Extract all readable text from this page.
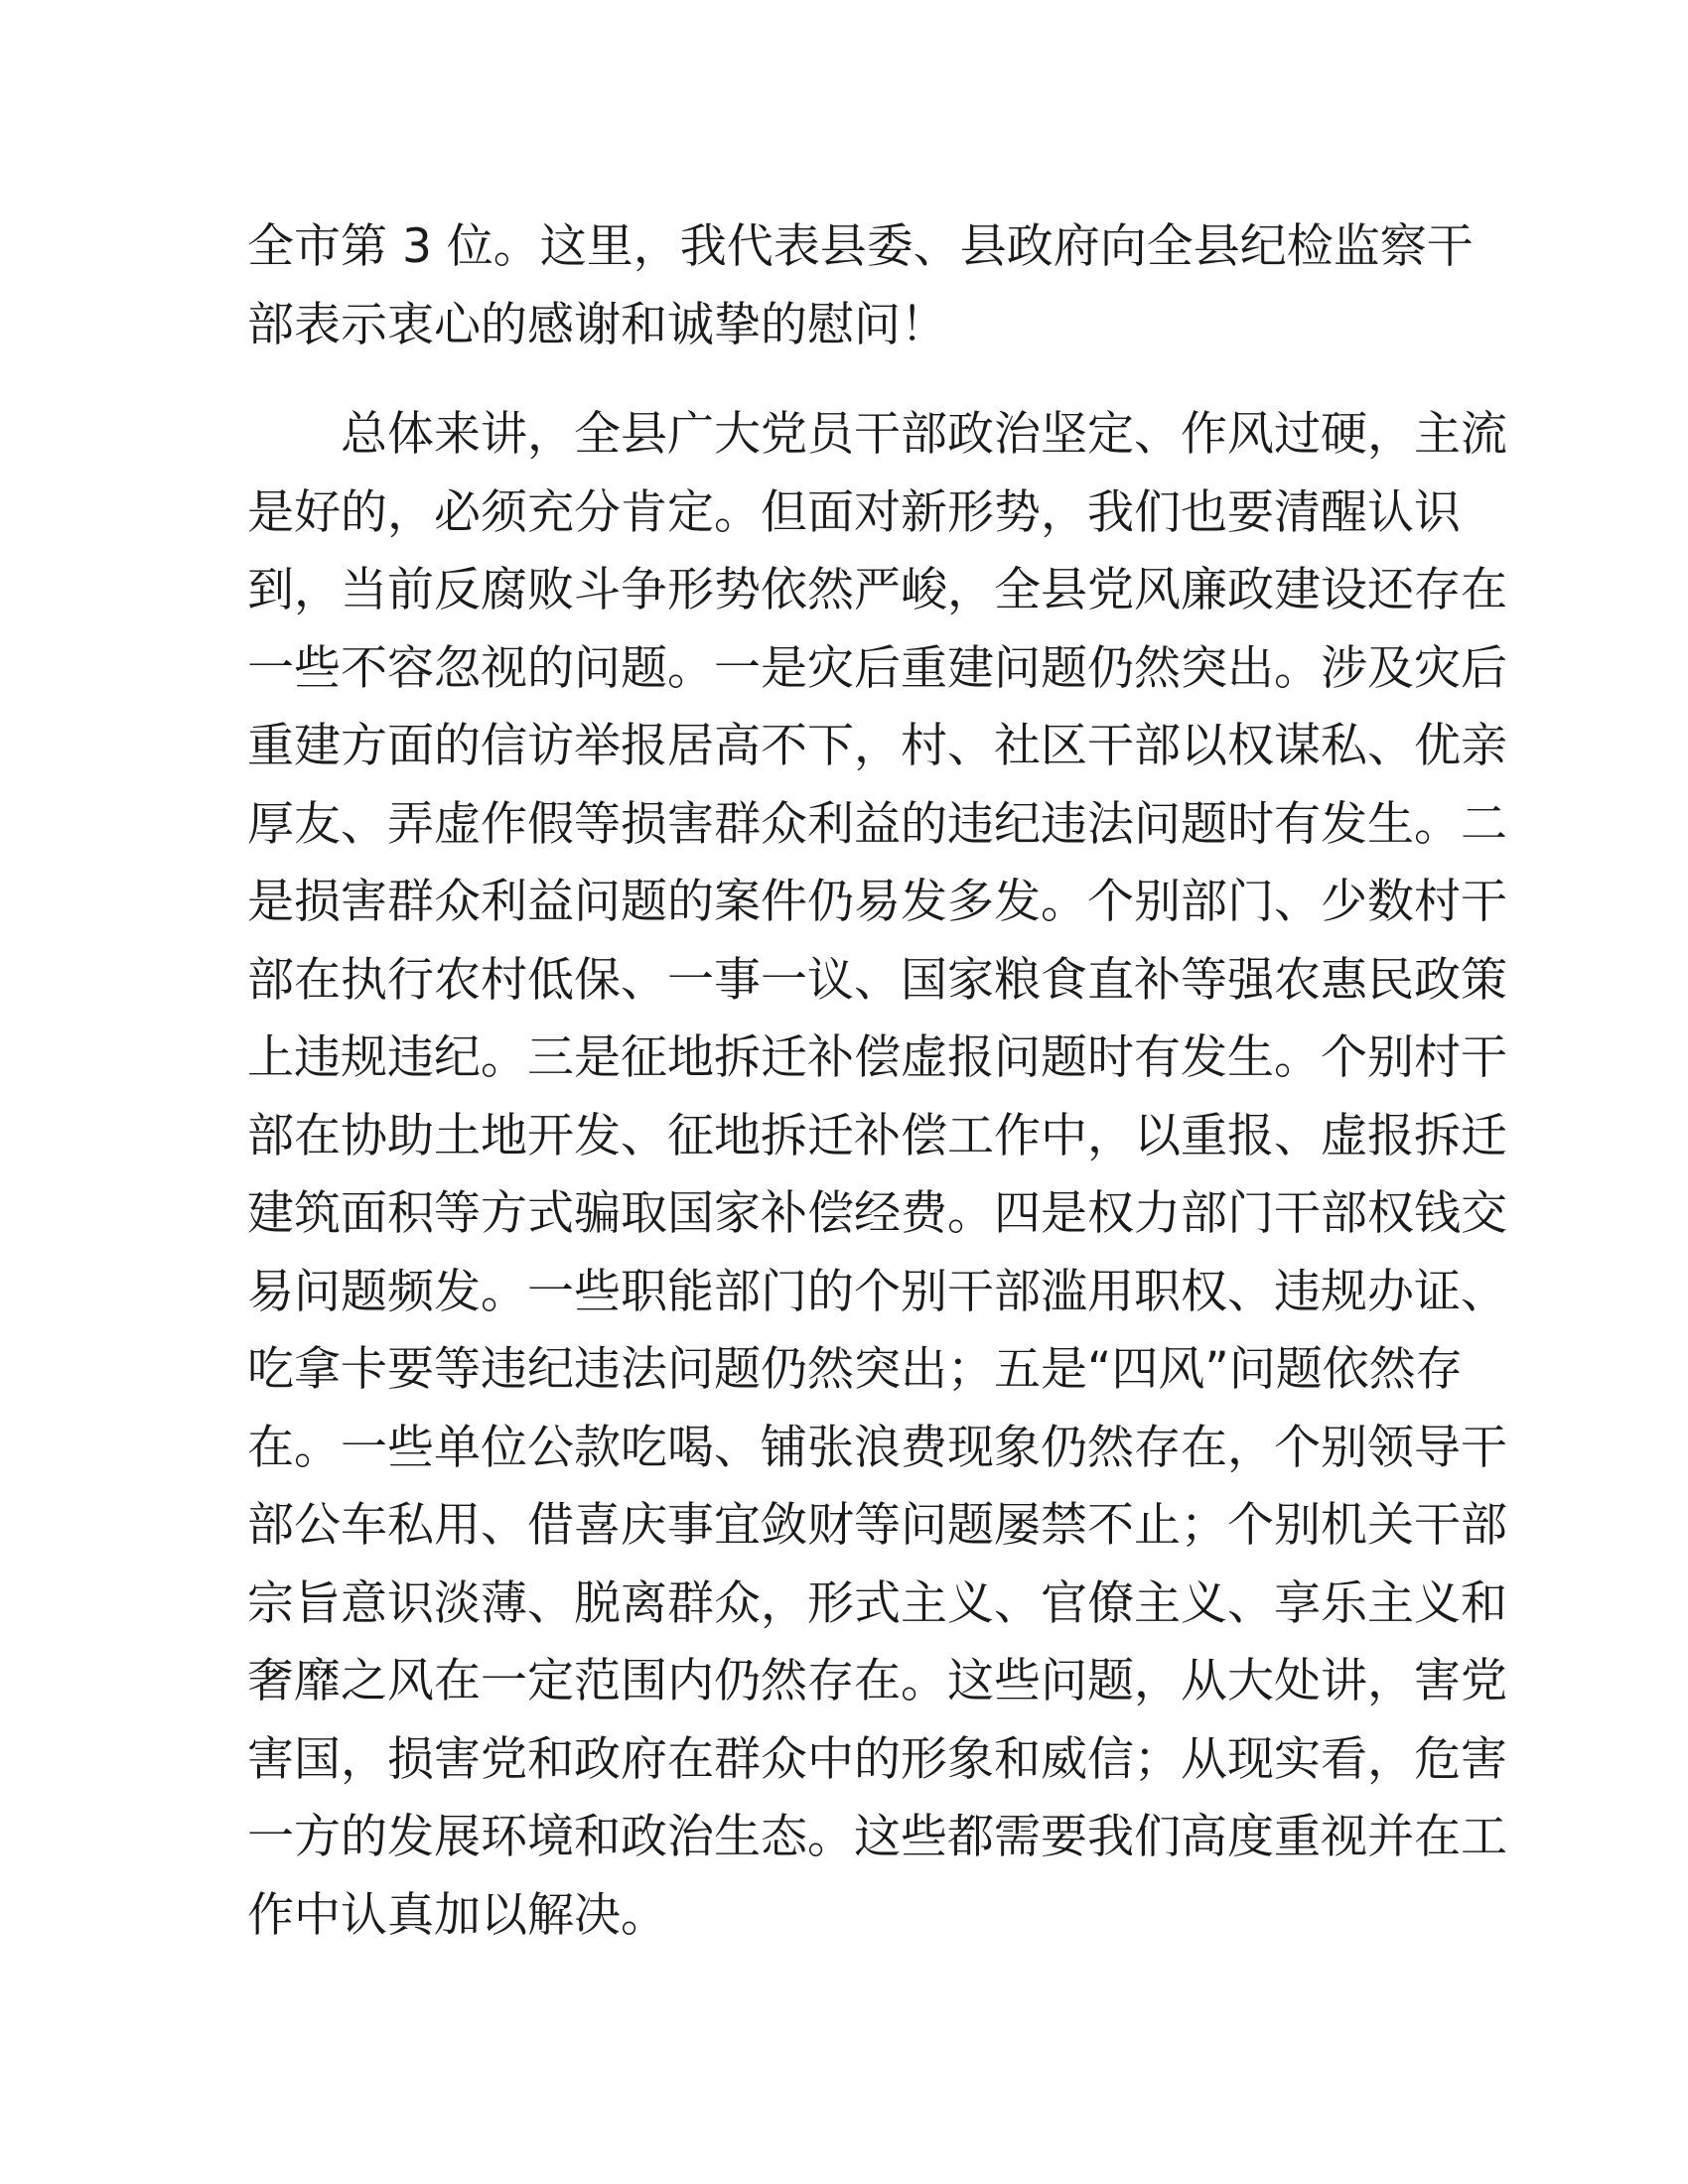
全市第 3 位。这里，我代表县委、县政府向全县纪检监察干
部表示衷心的感谢和诚挚的慰问！
总体来讲，全县广大党员干部政治坚定、作风过硬，主流
是好的，必须充分肯定。但面对新形势，我们也要清醒认识
到，当前反腐败斗争形势依然严峻，全县党风廉政建设还存在
一些不容忽视的问题。一是灾后重建问题仍然突出。涉及灾后
重建方面的信访举报居高不下，村、社区干部以权谋私、优亲
厚友、弄虚作假等损害群众利益的违纪违法问题时有发生。二
是损害群众利益问题的案件仍易发多发。个别部门、少数村干
部在执行农村低保、一事一议、国家粮食直补等强农惠民政策
上违规违纪。三是征地拆迁补偿虚报问题时有发生。个别村干
部在协助土地开发、征地拆迁补偿工作中，以重报、虚报拆迁
建筑面积等方式骗取国家补偿经费。四是权力部门干部权钱交
易问题频发。一些职能部门的个别干部滥用职权、违规办证、
吃拿卡要等违纪违法问题仍然突出；五是“四风”问题依然存
在。一些单位公款吃喝、铺张浪费现象仍然存在，个别领导干
部公车私用、借喜庆事宜敛财等问题屡禁不止；个别机关干部
宗旨意识淡薄、脱离群众，形式主义、官僚主义、享乐主义和
奢靡之风在一定范围内仍然存在。这些问题，从大处讲，害党
害国，损害党和政府在群众中的形象和威信；从现实看，危害
一方的发展环境和政治生态。这些都需要我们高度重视并在工
作中认真加以解决。
